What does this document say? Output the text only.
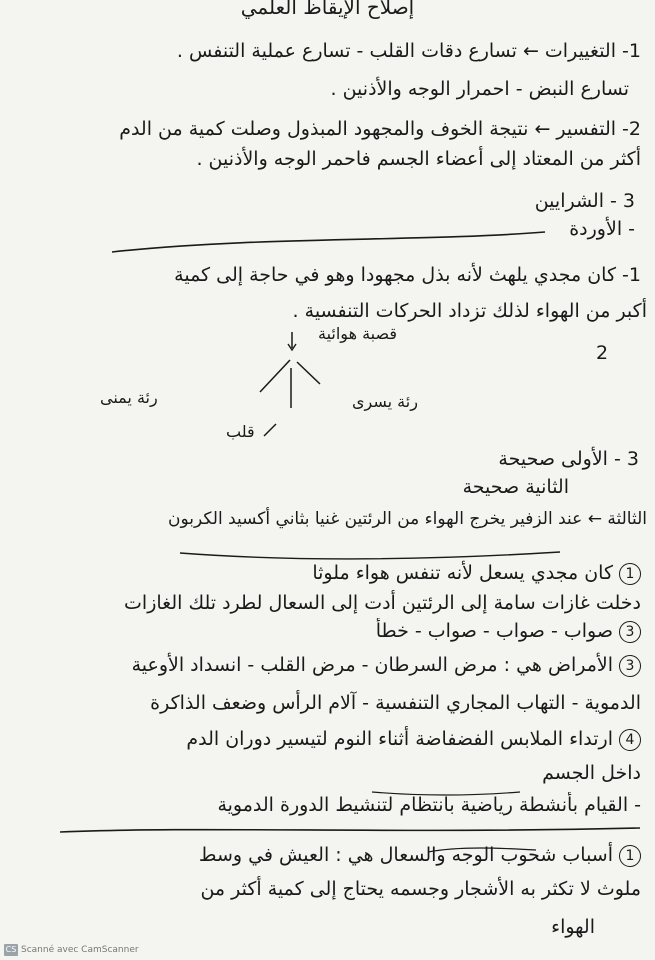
إصلاح الإيقاظ العلمي
1- التغييرات ← تسارع دقات القلب - تسارع عملية التنفس .
تسارع النبض - احمرار الوجه والأذنين .
2- التفسير ← نتيجة الخوف والمجهود المبذول وصلت كمية من الدم
أكثر من المعتاد إلى أعضاء الجسم فاحمر الوجه والأذنين .
3 - الشرايين
- الأوردة
1- كان مجدي يلهث لأنه بذل مجهودا وهو في حاجة إلى كمية
أكبر من الهواء لذلك تزداد الحركات التنفسية .
قصبة هوائية
2
رئة يمنى	رئة يسرى
قلب
3 - الأولى صحيحة
الثانية صحيحة
الثالثة ← عند الزفير يخرج الهواء من الرئتين غنيا بثاني أكسيد الكربون
1كان مجدي يسعل لأنه تنفس هواء ملوثا
دخلت غازات سامة إلى الرئتين أدت إلى السعال لطرد تلك الغازات
3صواب - صواب - صواب - خطأ
3الأمراض هي : مرض السرطان - مرض القلب - انسداد الأوعية
الدموية - التهاب المجاري التنفسية - آلام الرأس وضعف الذاكرة
4ارتداء الملابس الفضفاضة أثناء النوم لتيسير دوران الدم
داخل الجسم
- القيام بأنشطة رياضية بانتظام لتنشيط الدورة الدموية
1أسباب شحوب الوجه والسعال هي : العيش في وسط
ملوث لا تكثر به الأشجار وجسمه يحتاج إلى كمية أكثر من
الهواء
CS Scanné avec CamScanner
